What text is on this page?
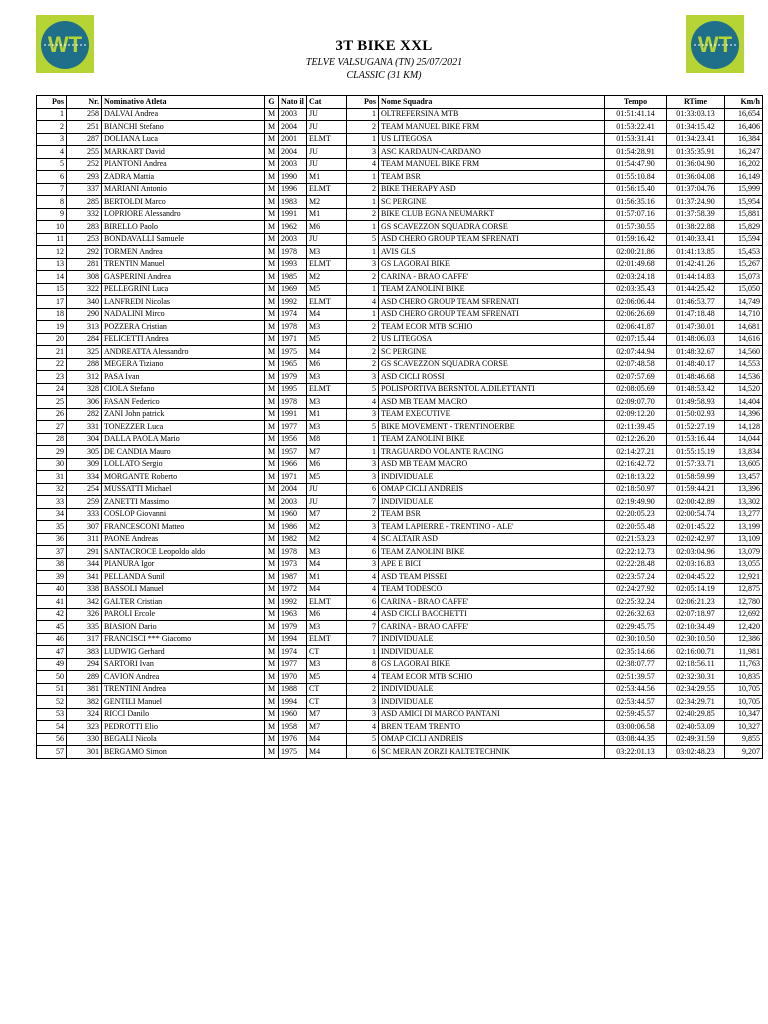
WT	WT
3T BIKE XXL
TELVE VALSUGANA (TN) 25/07/2021
CLASSIC (31 KM)
Pos	Nr.	Nominativo Atleta	G	Nato il	Cat	Pos	Nome Squadra	Tempo	RTime	Km/h
1	258	DALVAI Andrea	M	2003	JU	1	OLTREFERSINA MTB	01:51:41.14	01:33:03.13	16,654
2	251	BIANCHI Stefano	M	2004	JU	2	TEAM MANUEL BIKE FRM	01:53:22.41	01:34:15.42	16,406
3	287	DOLIANA Luca	M	2001	ELMT	1	US LITEGOSA	01:53:31.41	01:34:23.41	16,384
4	255	MARKART David	M	2004	JU	3	ASC KARDAUN-CARDANO	01:54:28.91	01:35:35.91	16,247
5	252	PIANTONI Andrea	M	2003	JU	4	TEAM MANUEL BIKE FRM	01:54:47.90	01:36:04.90	16,202
6	293	ZADRA Mattia	M	1990	M1	1	TEAM BSR	01:55:10.84	01:36:04.08	16,149
7	337	MARIANI Antonio	M	1996	ELMT	2	BIKE THERAPY ASD	01:56:15.40	01:37:04.76	15,999
8	285	BERTOLDI Marco	M	1983	M2	1	SC PERGINE	01:56:35.16	01:37:24.90	15,954
9	332	LOPRIORE Alessandro	M	1991	M1	2	BIKE CLUB EGNA NEUMARKT	01:57:07.16	01:37:58.39	15,881
10	283	BIRELLO Paolo	M	1962	M6	1	GS SCAVEZZON SQUADRA CORSE	01:57:30.55	01:38:22.88	15,829
11	253	BONDAVALLI Samuele	M	2003	JU	5	ASD CHERO GROUP TEAM SFRENATI	01:59:16.42	01:40:33.41	15,594
12	292	TORMEN Andrea	M	1978	M3	1	AVIS GLS	02:00:21.86	01:41:13.85	15,453
13	281	TRENTIN Manuel	M	1993	ELMT	3	GS LAGORAI BIKE	02:01:49.68	01:42:41.26	15,267
14	308	GASPERINI Andrea	M	1985	M2	2	CARINA - BRAO CAFFE'	02:03:24.18	01:44:14.83	15,073
15	322	PELLEGRINI Luca	M	1969	M5	1	TEAM ZANOLINI BIKE	02:03:35.43	01:44:25.42	15,050
17	340	LANFREDI Nicolas	M	1992	ELMT	4	ASD CHERO GROUP TEAM SFRENATI	02:06:06.44	01:46:53.77	14,749
18	290	NADALINI Mirco	M	1974	M4	1	ASD CHERO GROUP TEAM SFRENATI	02:06:26.69	01:47:18.48	14,710
19	313	POZZERA Cristian	M	1978	M3	2	TEAM ECOR MTB SCHIO	02:06:41.87	01:47:30.01	14,681
20	284	FELICETTI Andrea	M	1971	M5	2	US LITEGOSA	02:07:15.44	01:48:06.03	14,616
21	325	ANDREATTA Alessandro	M	1975	M4	2	SC PERGINE	02:07:44.94	01:48:32.67	14,560
22	288	MEGERA Tiziano	M	1965	M6	2	GS SCAVEZZON SQUADRA CORSE	02:07:48.58	01:48:40.17	14,553
23	312	PASA Ivan	M	1979	M3	3	ASD CICLI ROSSI	02:07:57.69	01:48:46.68	14,536
24	328	CIOLA Stefano	M	1995	ELMT	5	POLISPORTIVA BERSNTOL A.DILETTANTI	02:08:05.69	01:48:53.42	14,520
25	306	FASAN Federico	M	1978	M3	4	ASD MB TEAM MACRO	02:09:07.70	01:49:58.93	14,404
26	282	ZANI John patrick	M	1991	M1	3	TEAM EXECUTIVE	02:09:12.20	01:50:02.93	14,396
27	331	TONEZZER Luca	M	1977	M3	5	BIKE MOVEMENT - TRENTINOERBE	02:11:39.45	01:52:27.19	14,128
28	304	DALLA PAOLA Mario	M	1956	M8	1	TEAM ZANOLINI BIKE	02:12:26.20	01:53:16.44	14,044
29	305	DE CANDIA Mauro	M	1957	M7	1	TRAGUARDO VOLANTE RACING	02:14:27.21	01:55:15.19	13,834
30	309	LOLLATO Sergio	M	1966	M6	3	ASD MB TEAM MACRO	02:16:42.72	01:57:33.71	13,605
31	334	MORGANTE Roberto	M	1971	M5	3	INDIVIDUALE	02:18:13.22	01:58:59.99	13,457
32	254	MUSSATTI Michael	M	2004	JU	6	OMAP CICLI ANDREIS	02:18:50.97	01:59:44.21	13,396
33	259	ZANETTI Massimo	M	2003	JU	7	INDIVIDUALE	02:19:49.90	02:00:42.89	13,302
34	333	COSLOP Giovanni	M	1960	M7	2	TEAM BSR	02:20:05.23	02:00:54.74	13,277
35	307	FRANCESCONI Matteo	M	1986	M2	3	TEAM LAPIERRE - TRENTINO - ALE'	02:20:55.48	02:01:45.22	13,199
36	311	PAONE Andreas	M	1982	M2	4	SC ALTAIR ASD	02:21:53.23	02:02:42.97	13,109
37	291	SANTACROCE Leopoldo aldo	M	1978	M3	6	TEAM ZANOLINI BIKE	02:22:12.73	02:03:04.96	13,079
38	344	PIANURA Igor	M	1973	M4	3	APE E BICI	02:22:28.48	02:03:16.83	13,055
39	341	PELLANDA Sunil	M	1987	M1	4	ASD TEAM PISSEI	02:23:57.24	02:04:45.22	12,921
40	338	BASSOLI Manuel	M	1972	M4	4	TEAM TODESCO	02:24:27.92	02:05:14.19	12,875
41	342	GALTER Cristian	M	1992	ELMT	6	CARINA - BRAO CAFFE'	02:25:32.24	02:06:21.23	12,780
42	326	PAROLI Ercole	M	1963	M6	4	ASD CICLI BACCHETTI	02:26:32.63	02:07:18.97	12,692
45	335	BIASION Dario	M	1979	M3	7	CARINA - BRAO CAFFE'	02:29:45.75	02:10:34.49	12,420
46	317	FRANCISCI *** Giacomo	M	1994	ELMT	7	INDIVIDUALE	02:30:10.50	02:30:10.50	12,386
47	383	LUDWIG Gerhard	M	1974	CT	1	INDIVIDUALE	02:35:14.66	02:16:00.71	11,981
49	294	SARTORI Ivan	M	1977	M3	8	GS LAGORAI BIKE	02:38:07.77	02:18:56.11	11,763
50	289	CAVION Andrea	M	1970	M5	4	TEAM ECOR MTB SCHIO	02:51:39.57	02:32:30.31	10,835
51	381	TRENTINI Andrea	M	1988	CT	2	INDIVIDUALE	02:53:44.56	02:34:29.55	10,705
52	382	GENTILI Manuel	M	1994	CT	3	INDIVIDUALE	02:53:44.57	02:34:29.71	10,705
53	324	RICCI Danilo	M	1960	M7	3	ASD AMICI DI MARCO PANTANI	02:59:45.57	02:40:29.85	10,347
54	323	PEDROTTI Elio	M	1958	M7	4	BREN TEAM TRENTO	03:00:06.58	02:40:53.09	10,327
56	330	BEGALI Nicola	M	1976	M4	5	OMAP CICLI ANDREIS	03:08:44.35	02:49:31.59	9,855
57	301	BERGAMO Simon	M	1975	M4	6	SC MERAN ZORZI KALTETECHNIK	03:22:01.13	03:02:48.23	9,207
